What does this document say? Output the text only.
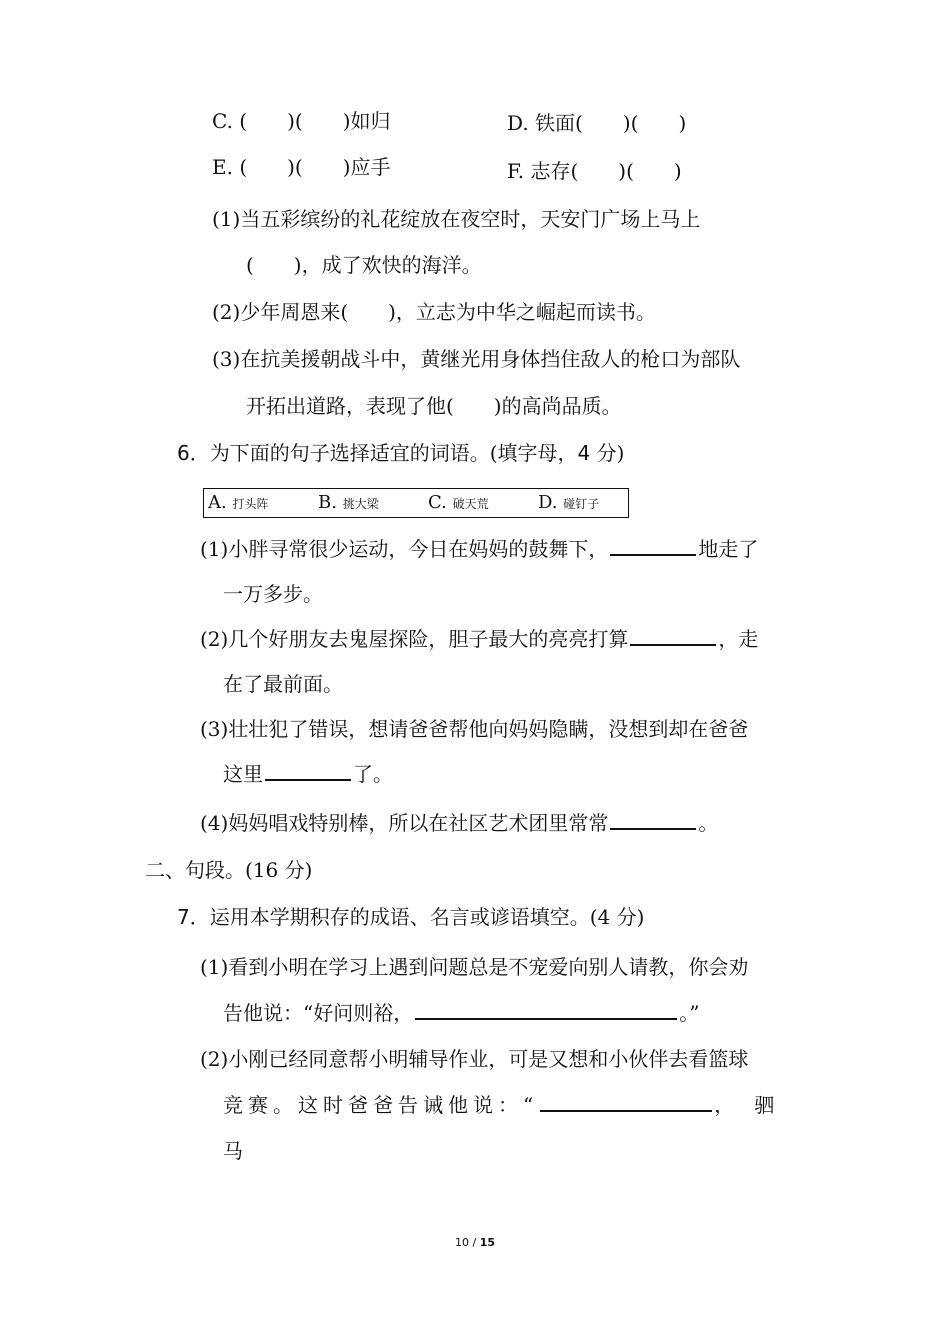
C. (　　)(　　)如归	D. 铁面(　　)(　　)
E. (　　)(　　)应手	F. 志存(　　)(　　)
(1)当五彩缤纷的礼花绽放在夜空时，天安门广场上马上
(　　)，成了欢快的海洋。
(2)少年周恩来(　　)，立志为中华之崛起而读书。
(3)在抗美援朝战斗中，黄继光用身体挡住敌人的枪口为部队
开拓出道路，表现了他(　　)的高尚品质。
6．为下面的句子选择适宜的词语。(填字母，4 分)
A. 打头阵	B. 挑大梁	C. 破天荒	D. 碰钉子
(1)小胖寻常很少运动，今日在妈妈的鼓舞下，	地走了
一万多步。
(2)几个好朋友去鬼屋探险，胆子最大的亮亮打算	，走
在了最前面。
(3)壮壮犯了错误，想请爸爸帮他向妈妈隐瞒，没想到却在爸爸
这里	了。
(4)妈妈唱戏特别棒，所以在社区艺术团里常常	。
二、句段。(16 分)
7．运用本学期积存的成语、名言或谚语填空。(4 分)
(1)看到小明在学习上遇到问题总是不宠爱向别人请教，你会劝
告他说：“好问则裕，	。”
(2)小刚已经同意帮小明辅导作业，可是又想和小伙伴去看篮球
竞赛。这时爸爸告诫他说：“	，驷
马
10 / 15
